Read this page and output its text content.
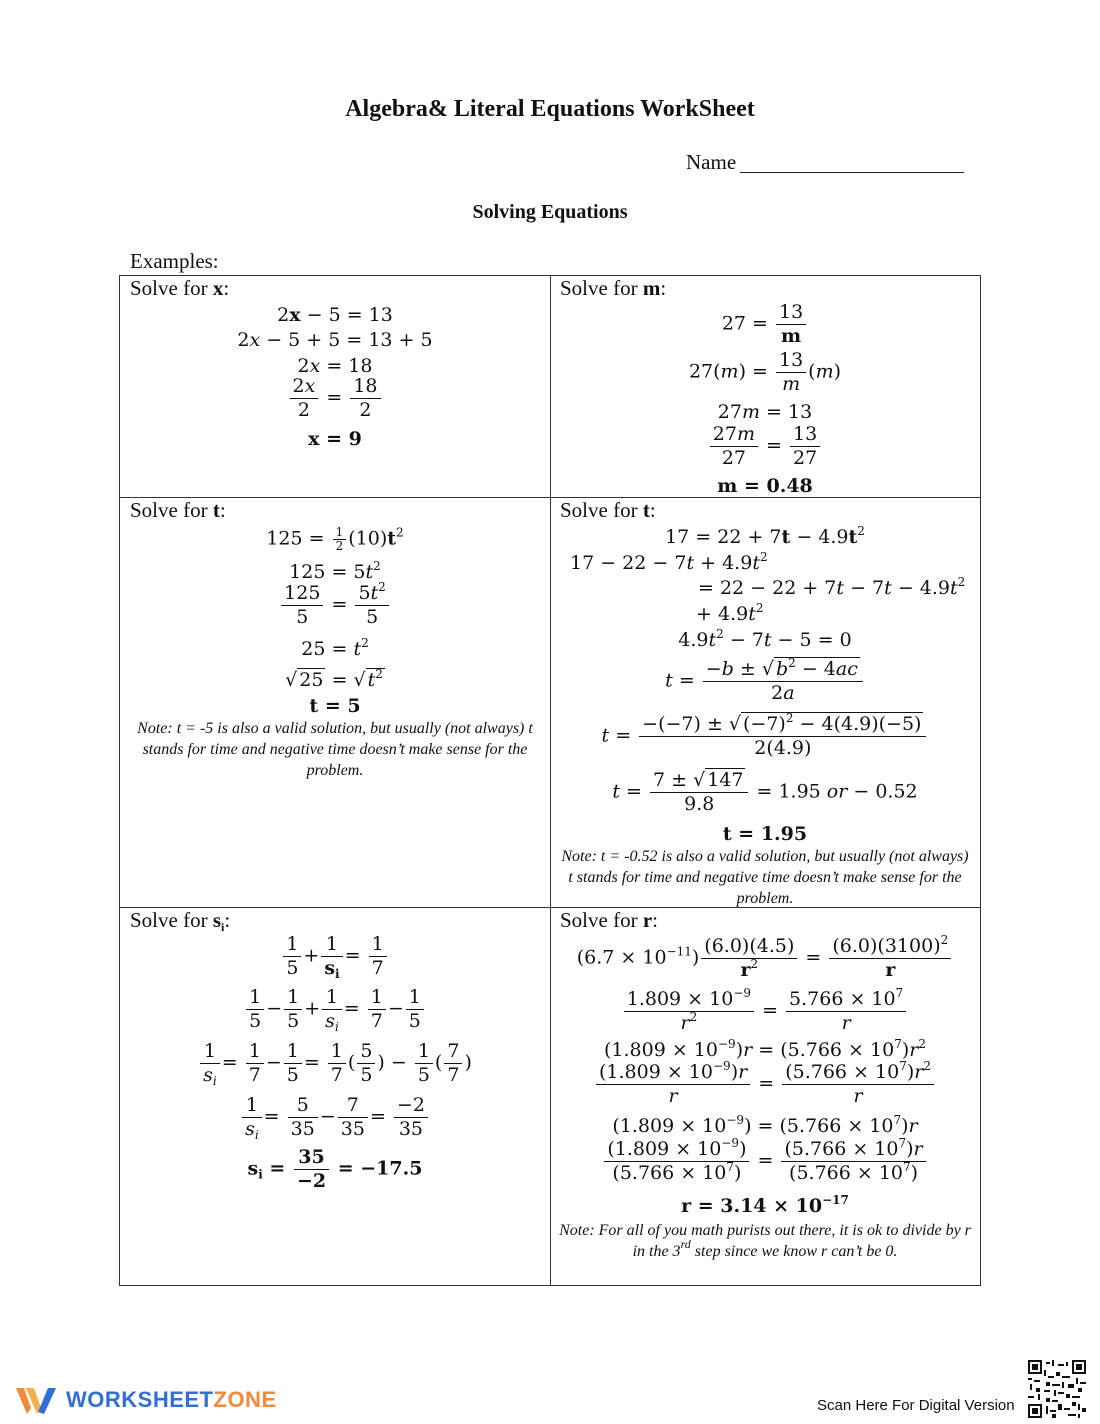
Algebra& Literal Equations WorkSheet
Name
Solving Equations
Examples:
Solve for x:
2x − 5 = 13
2x − 5 + 5 = 13 + 5
2x = 18
$\frac{2x}{2} = \frac{18}{2}$
x = 9
Solve for m:
$27 = \frac{13}{m}$
$27(m) = \frac{13}{m} (m)$
27m = 13
$\frac{27m}{27} = \frac{13}{27}$
m = 0.48
Solve for t:
$125 = \frac{1}{2} (10)t^2$
$125 = 5t^2$
$\frac{125}{5} = \frac{5t^2}{5}$
$25 = t^2$
√ 25 = √ $t^2$
t = 5
Note: t = -5 is also a valid solution, but usually (not always) t stands for time and negative time doesn’t make sense for the problem.
Solve for t:
$17 = 22 + 7t - 4.9t^2$
$17 - 22 - 7t + 4.9t^2$
= $22 - 22 + 7t - 7t - 4.9t^2$
+ $4.9t^2$
$4.9t^2 - 7t - 5 = 0$
$t = \frac{-b \pm √ b^2 - 4ac}{2a}$
$t = \frac{-(-7) \pm √ (-7)^2 - 4(4.9)(-5)}{2(4.9)}$
$t = \frac{7 \pm √ 147}{9.8} = 1.95$ or − 0.52
t = 1.95
Note: t = -0.52 is also a valid solution, but usually (not always) t stands for time and negative time doesn’t make sense for the problem.
Solve for $s_i$:
$\frac{1}{5} + \frac{1}{s_i} = \frac{1}{7}$
$\frac{1}{5} - \frac{1}{5} + \frac{1}{s_i} = \frac{1}{7} - \frac{1}{5}$
$\frac{1}{s_i} = \frac{1}{7} - \frac{1}{5} = \frac{1}{7}$ ( $\frac{5}{5}$ ) − $\frac{1}{5}$ ( $\frac{7}{7}$ )
$\frac{1}{s_i} = \frac{5}{35} - \frac{7}{35} = \frac{-2}{35}$
$s_i = \frac{35}{-2} = -17.5$
Solve for r:
$(6.7 \times 10^{-11}) \frac{(6.0)(4.5)}{r^2} = \frac{(6.0)(3100)^2}{r}$
$\frac{1.809 \times 10^{-9}}{r^2} = \frac{5.766 \times 10^7}{r}$
$(1.809 \times 10^{-9})r = (5.766 \times 10^7)r^2$
$\frac{(1.809 \times 10^{-9})r}{r} = \frac{(5.766 \times 10^7)r^2}{r}$
$(1.809 \times 10^{-9}) = (5.766 \times 10^7)r$
$\frac{(1.809 \times 10^{-9})}{(5.766 \times 10^7)} = \frac{(5.766 \times 10^7)r}{(5.766 \times 10^7)}$
$r = 3.14 \times 10^{-17}$
Note: For all of you math purists out there, it is ok to divide by r in the 3rd step since we know r can’t be 0.
WORKSHEETZONE	Scan Here For Digital Version
